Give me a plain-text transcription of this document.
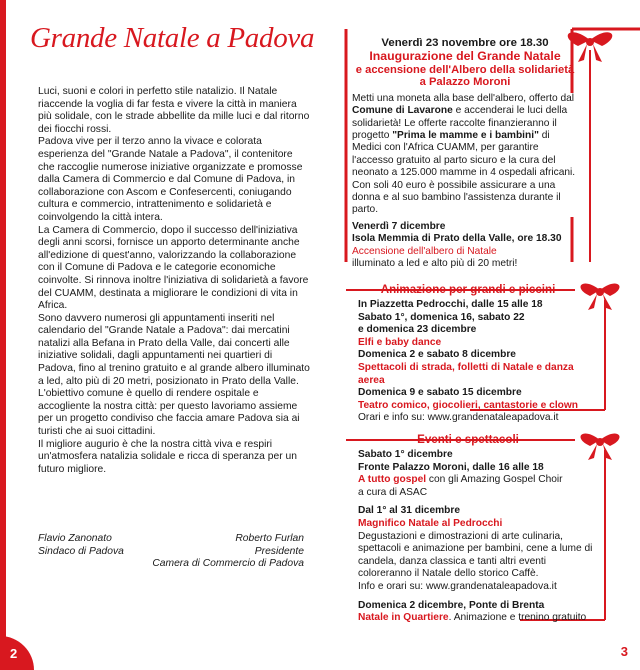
2	3
Grande Natale a Padova

Luci, suoni e colori in perfetto stile natalizio. Il Natale riaccende la voglia di far festa e vivere la città in maniera più solidale, con le strade abbellite da mille luci e dal ritorno dei fiocchi rossi.

Padova vive per il terzo anno la vivace e colorata esperienza del "Grande Natale a Padova", il contenitore che raccoglie numerose iniziative organizzate e promosse dalla Camera di Commercio e dal Comune di Padova, in collaborazione con Ascom e Confesercenti, coniugando cultura e commercio, intrattenimento e solidarietà e coinvolgendo la città intera.

La Camera di Commercio, dopo il successo dell'iniziativa degli anni scorsi, fornisce un apporto determinante anche all'edizione di quest'anno, valorizzando la collaborazione con il Comune di Padova e le categorie economiche coinvolte. Si rinnova inoltre l'iniziativa di solidarietà a favore del CUAMM, destinata a migliorare le condizioni di vita in Africa.

Sono davvero numerosi gli appuntamenti inseriti nel calendario del "Grande Natale a Padova": dai mercatini natalizi alla Befana in Prato della Valle, dai concerti alle iniziative solidali, dagli appuntamenti nei quartieri di Padova, fino al trenino gratuito e al grande albero illuminato a led, alto più di 20 metri, posizionato in Prato della Valle.

L'obiettivo comune è quello di rendere ospitale e accogliente la nostra città: per questo lavoriamo assieme per un progetto condiviso che faccia amare Padova sia ai turisti che ai suoi cittadini.

Il migliore augurio è che la nostra città viva e respiri un'atmosfera natalizia solidale e ricca di speranza per un futuro migliore.

Flavio Zanonato
Sindaco di Padova
Roberto Furlan
Presidente
Camera di Commercio di Padova
Venerdì 23 novembre ore 18.30
Inaugurazione del Grande Natale
e accensione dell'Albero della solidarietà
a Palazzo Moroni
Metti una moneta alla base dell'albero, offerto dal Comune di Lavarone e accenderai le luci della solidarietà! Le offerte raccolte finanzieranno il progetto "Prima le mamme e i bambini" di Medici con l'Africa CUAMM, per garantire l'accesso gratuito al parto sicuro e la cura del neonato a 125.000 mamme in 4 ospedali africani. Con soli 40 euro è possibile assicurare a una donna e al suo bambino l'assistenza durante il parto.
Venerdì 7 dicembre
Isola Memmia di Prato della Valle, ore 18.30
Accensione dell'albero di Natale
illuminato a led e alto più di 20 metri!
Animazione per grandi e piccini
In Piazzetta Pedrocchi, dalle 15 alle 18
Sabato 1°, domenica 16, sabato 22
e domenica 23 dicembre
Elfi e baby dance
Domenica 2 e sabato 8 dicembre
Spettacoli di strada, folletti di Natale e danza aerea
Domenica 9 e sabato 15 dicembre
Teatro comico, giocolieri, cantastorie e clown
Orari e info su: www.grandenataleapadova.it
Eventi e spettacoli
Sabato 1° dicembre
Fronte Palazzo Moroni, dalle 16 alle 18
A tutto gospel con gli Amazing Gospel Choir
a cura di ASAC
Dal 1° al 31 dicembre
Magnifico Natale al Pedrocchi
Degustazioni e dimostrazioni di arte culinaria, spettacoli e animazione per bambini, cene a lume di candela, danza classica e tanti altri eventi coloreranno il Natale dello storico Caffè.
Info e orari su: www.grandenataleapadova.it
Domenica 2 dicembre, Ponte di Brenta
Natale in Quartiere. Animazione e trenino gratuito
